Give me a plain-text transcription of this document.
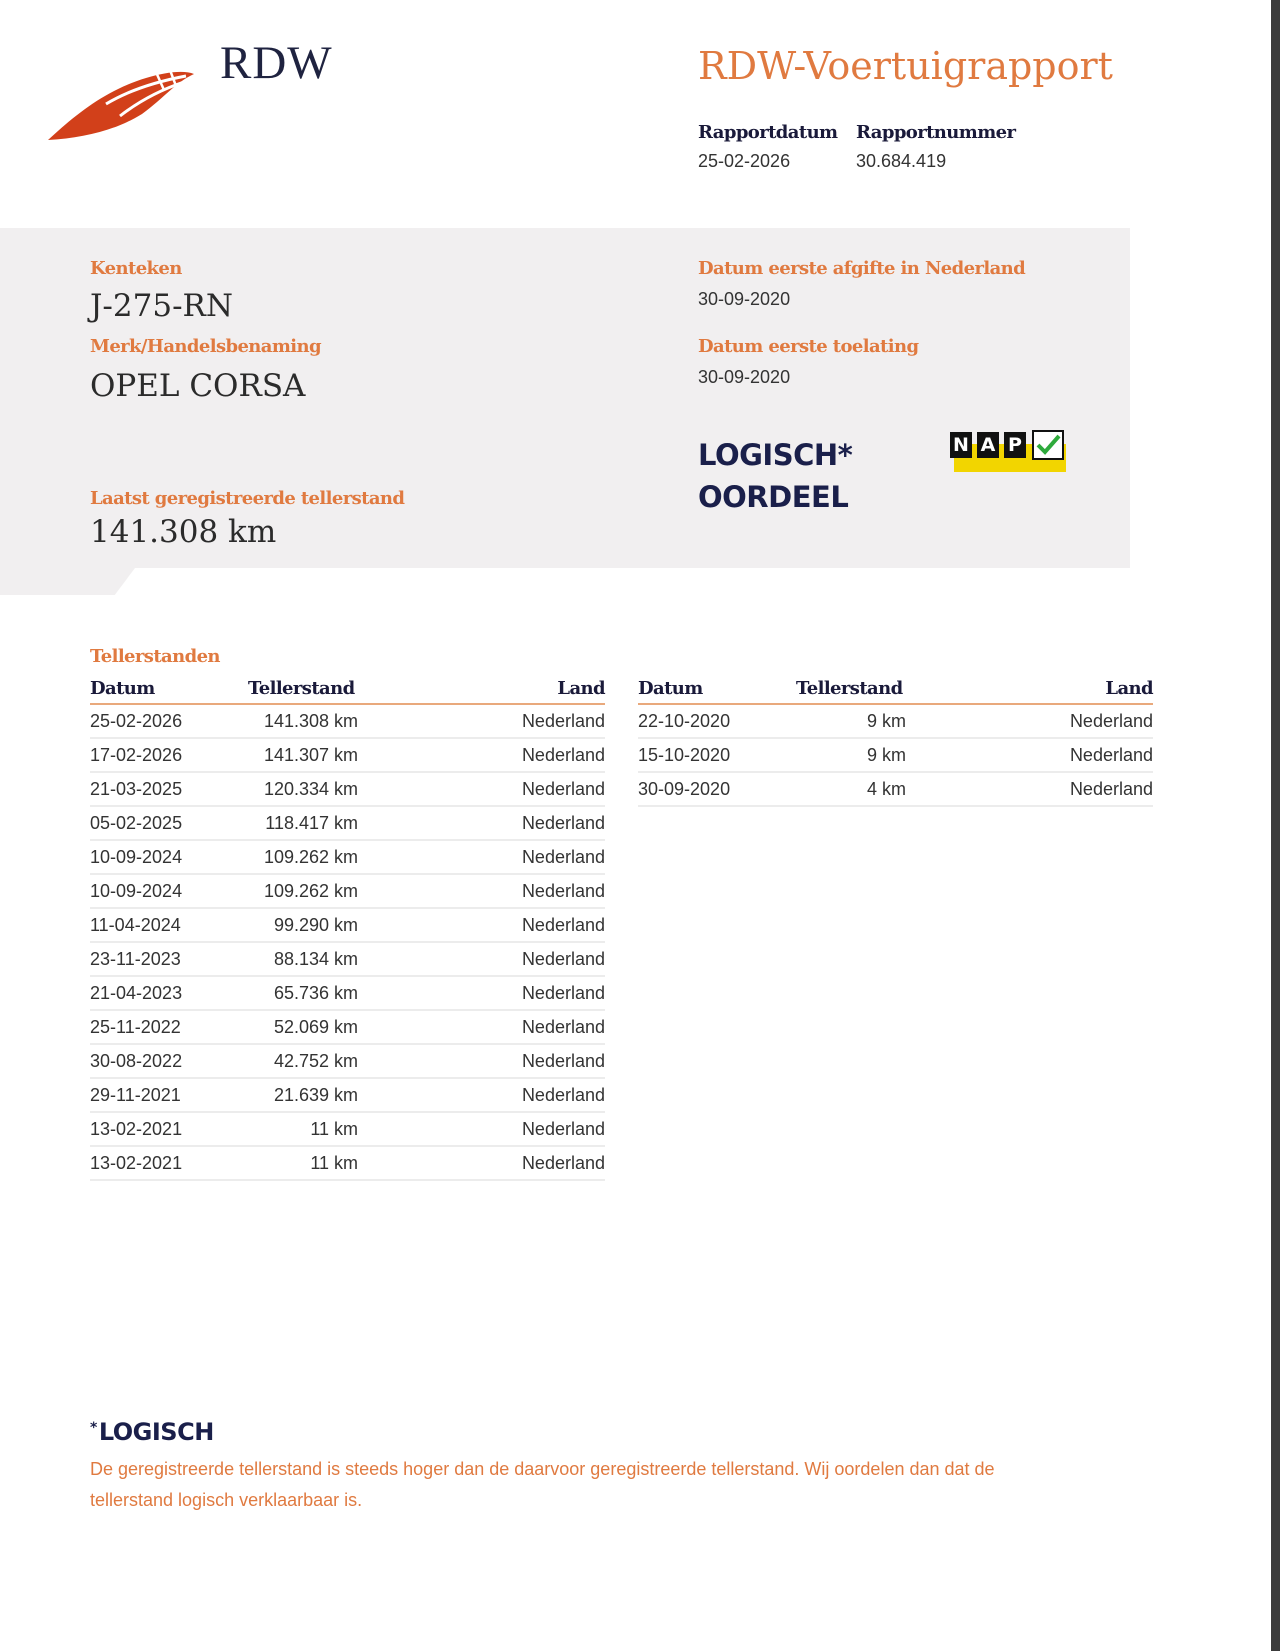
RDW	RDW-Voertuigrapport
Rapportdatum
25-02-2026
Rapportnummer
30.684.419
Kenteken
J-275-RN
Merk/Handelsbenaming
OPEL CORSA
Laatst geregistreerde tellerstand
141.308 km
Datum eerste afgifte in Nederland
30-09-2020
Datum eerste toelating
30-09-2020
LOGISCH*
OORDEEL
N A P
Tellerstanden
Datum	Tellerstand	Land
25-02-2026	141.308 km	Nederland
17-02-2026	141.307 km	Nederland
21-03-2025	120.334 km	Nederland
05-02-2025	118.417 km	Nederland
10-09-2024	109.262 km	Nederland
10-09-2024	109.262 km	Nederland
11-04-2024	99.290 km	Nederland
23-11-2023	88.134 km	Nederland
21-04-2023	65.736 km	Nederland
25-11-2022	52.069 km	Nederland
30-08-2022	42.752 km	Nederland
29-11-2021	21.639 km	Nederland
13-02-2021	11 km	Nederland
13-02-2021	11 km	Nederland
Datum	Tellerstand	Land
22-10-2020	9 km	Nederland
15-10-2020	9 km	Nederland
30-09-2020	4 km	Nederland
*LOGISCH
De geregistreerde tellerstand is steeds hoger dan de daarvoor geregistreerde tellerstand. Wij oordelen dan dat de tellerstand logisch verklaarbaar is.
